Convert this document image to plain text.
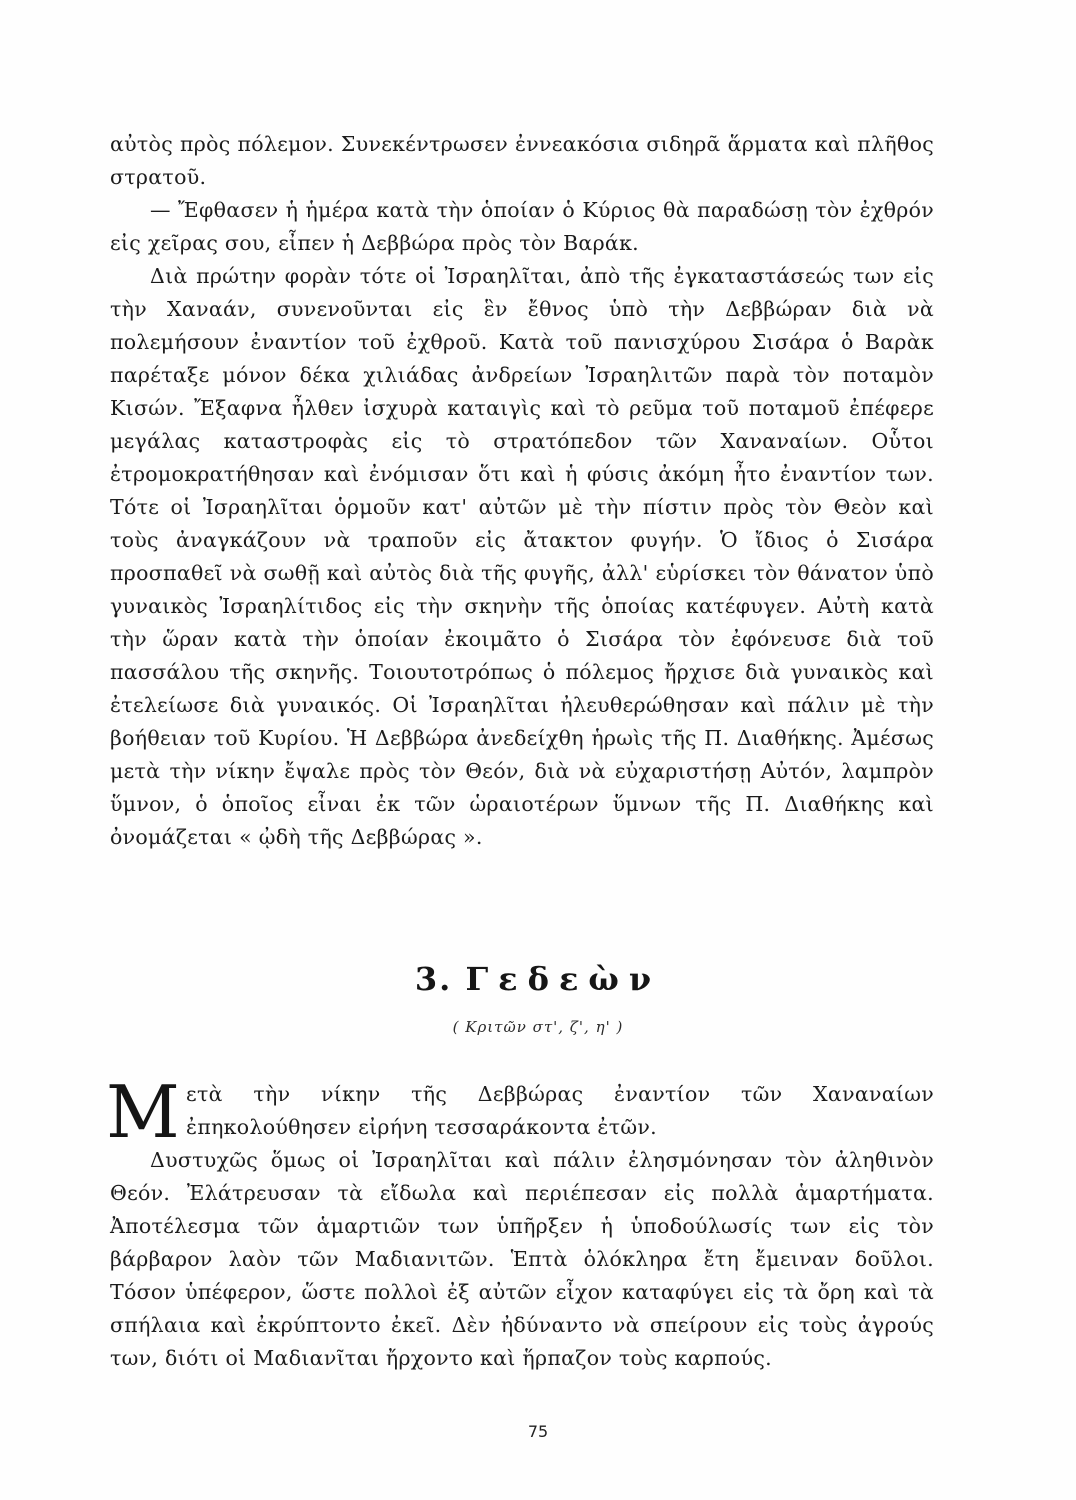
αὐτὸς πρὸς πόλεμον. Συνεκέντρωσεν ἐννεακόσια σιδηρᾶ ἅρματα καὶ πλῆθος στρατοῦ.

— Ἔφθασεν ἡ ἡμέρα κατὰ τὴν ὁποίαν ὁ Κύριος θὰ παραδώσῃ τὸν ἐχθρόν εἰς χεῖρας σου, εἶπεν ἡ Δεββώρα πρὸς τὸν Βαράκ.

Διὰ πρώτην φορὰν τότε οἱ Ἰσραηλῖται, ἀπὸ τῆς ἐγκαταστάσεώς των εἰς τὴν Χαναάν, συνενοῦνται εἰς ἓν ἔθνος ὑπὸ τὴν Δεββώραν διὰ νὰ πολεμήσουν ἐναντίον τοῦ ἐχθροῦ. Κατὰ τοῦ πανισχύρου Σισάρα ὁ Βαρὰκ παρέταξε μόνον δέκα χιλιάδας ἀνδρείων Ἰσραηλιτῶν παρὰ τὸν ποταμὸν Κισών. Ἔξαφνα ἦλθεν ἰσχυρὰ καταιγὶς καὶ τὸ ρεῦμα τοῦ ποταμοῦ ἐπέφερε μεγάλας καταστροφὰς εἰς τὸ στρατόπεδον τῶν Χαναναίων. Οὗτοι ἐτρομοκρατήθησαν καὶ ἐνόμισαν ὅτι καὶ ἡ φύσις ἀκόμη ἦτο ἐναντίον των. Τότε οἱ Ἰσραηλῖται ὁρμοῦν κατ' αὐτῶν μὲ τὴν πίστιν πρὸς τὸν Θεὸν καὶ τοὺς ἀναγκάζουν νὰ τραποῦν εἰς ἄτακτον φυγήν. Ὁ ἴδιος ὁ Σισάρα προσπαθεῖ νὰ σωθῇ καὶ αὐτὸς διὰ τῆς φυγῆς, ἀλλ' εὑρίσκει τὸν θάνατον ὑπὸ γυναικὸς Ἰσραηλίτιδος εἰς τὴν σκηνὴν τῆς ὁποίας κατέφυγεν. Αὐτὴ κατὰ τὴν ὥραν κατὰ τὴν ὁποίαν ἐκοιμᾶτο ὁ Σισάρα τὸν ἐφόνευσε διὰ τοῦ πασσάλου τῆς σκηνῆς. Τοιουτοτρόπως ὁ πόλεμος ἤρχισε διὰ γυναικὸς καὶ ἐτελείωσε διὰ γυναικός. Οἱ Ἰσραηλῖται ἠλευθερώθησαν καὶ πάλιν μὲ τὴν βοήθειαν τοῦ Κυρίου. Ἡ Δεββώρα ἀνεδείχθη ἡρωὶς τῆς Π. Διαθήκης. Ἀμέσως μετὰ τὴν νίκην ἔψαλε πρὸς τὸν Θεόν, διὰ νὰ εὐχαριστήσῃ Αὐτόν, λαμπρὸν ὕμνον, ὁ ὁποῖος εἶναι ἐκ τῶν ὡραιοτέρων ὕμνων τῆς Π. Διαθήκης καὶ ὀνομάζεται « ᾠδὴ τῆς Δεββώρας ».

3. Γεδεὼν
( Κριτῶν στ', ζ', η' )

Μετὰ τὴν νίκην τῆς Δεββώρας ἐναντίον τῶν Χαναναίων ἐπηκολούθησεν εἰρήνη τεσσαράκοντα ἐτῶν.

Δυστυχῶς ὅμως οἱ Ἰσραηλῖται καὶ πάλιν ἐλησμόνησαν τὸν ἀληθινὸν Θεόν. Ἐλάτρευσαν τὰ εἴδωλα καὶ περιέπεσαν εἰς πολλὰ ἁμαρτήματα. Ἀποτέλεσμα τῶν ἁμαρτιῶν των ὑπῆρξεν ἡ ὑποδούλωσίς των εἰς τὸν βάρβαρον λαὸν τῶν Μαδιανιτῶν. Ἑπτὰ ὁλόκληρα ἔτη ἔμειναν δοῦλοι. Τόσον ὑπέφερον, ὥστε πολλοὶ ἐξ αὐτῶν εἶχον καταφύγει εἰς τὰ ὄρη καὶ τὰ σπήλαια καὶ ἐκρύπτοντο ἐκεῖ. Δὲν ἠδύναντο νὰ σπείρουν εἰς τοὺς ἀγρούς των, διότι οἱ Μαδιανῖται ἤρχοντο καὶ ἥρπαζον τοὺς καρπούς.

75
